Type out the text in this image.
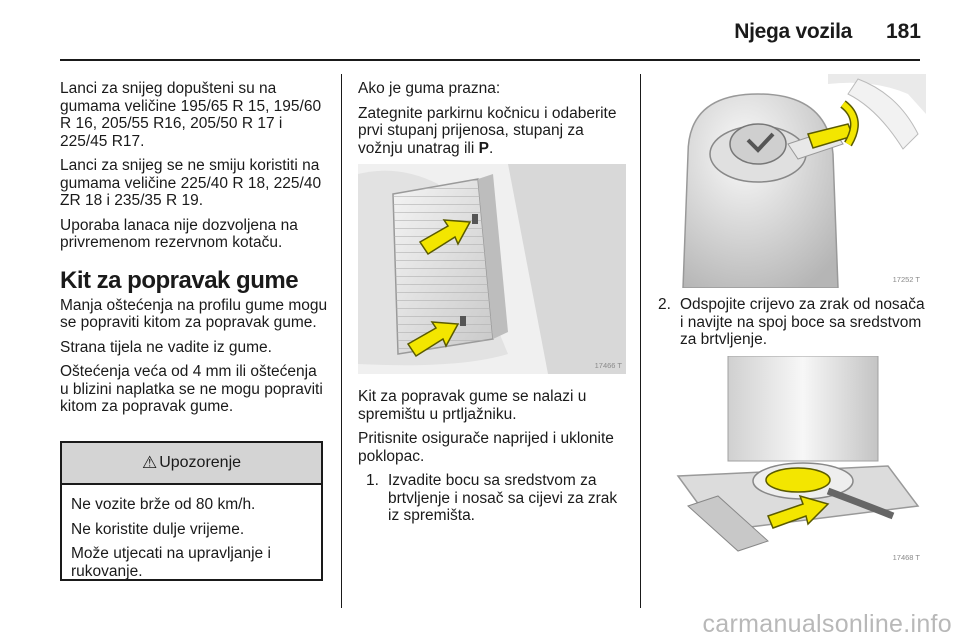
Njega vozila 181

Lanci za snijeg dopušteni su na gumama veličine 195/65 R 15, 195/60 R 16, 205/55 R16, 205/50 R 17 i 225/45 R17.

Lanci za snijeg se ne smiju koristiti na gumama veličine 225/40 R 18, 225/40 ZR 18 i 235/35 R 19.

Uporaba lanaca nije dozvoljena na privremenom rezervnom kotaču.

Kit za popravak gume

Manja oštećenja na profilu gume mogu se popraviti kitom za popravak gume.

Strana tijela ne vadite iz gume.

Oštećenja veća od 4 mm ili oštećenja u blizini naplatka se ne mogu popraviti kitom za popravak gume.

⚠ Upozorenje

Ne vozite brže od 80 km/h.

Ne koristite dulje vrijeme.

Može utjecati na upravljanje i rukovanje.

Ako je guma prazna:

Zategnite parkirnu kočnicu i odaberite prvi stupanj prijenosa, stupanj za vožnju unatrag ili P.

17466 T

Kit za popravak gume se nalazi u spremištu u prtljažniku.

Pritisnite osigurače naprijed i uklonite poklopac.

1. Izvadite bocu sa sredstvom za brtvljenje i nosač sa cijevi za zrak iz spremišta.
17252 T
2. Odspojite crijevo za zrak od nosača i navijte na spoj boce sa sredstvom za brtvljenje.
17468 T
carmanualsonline.info
